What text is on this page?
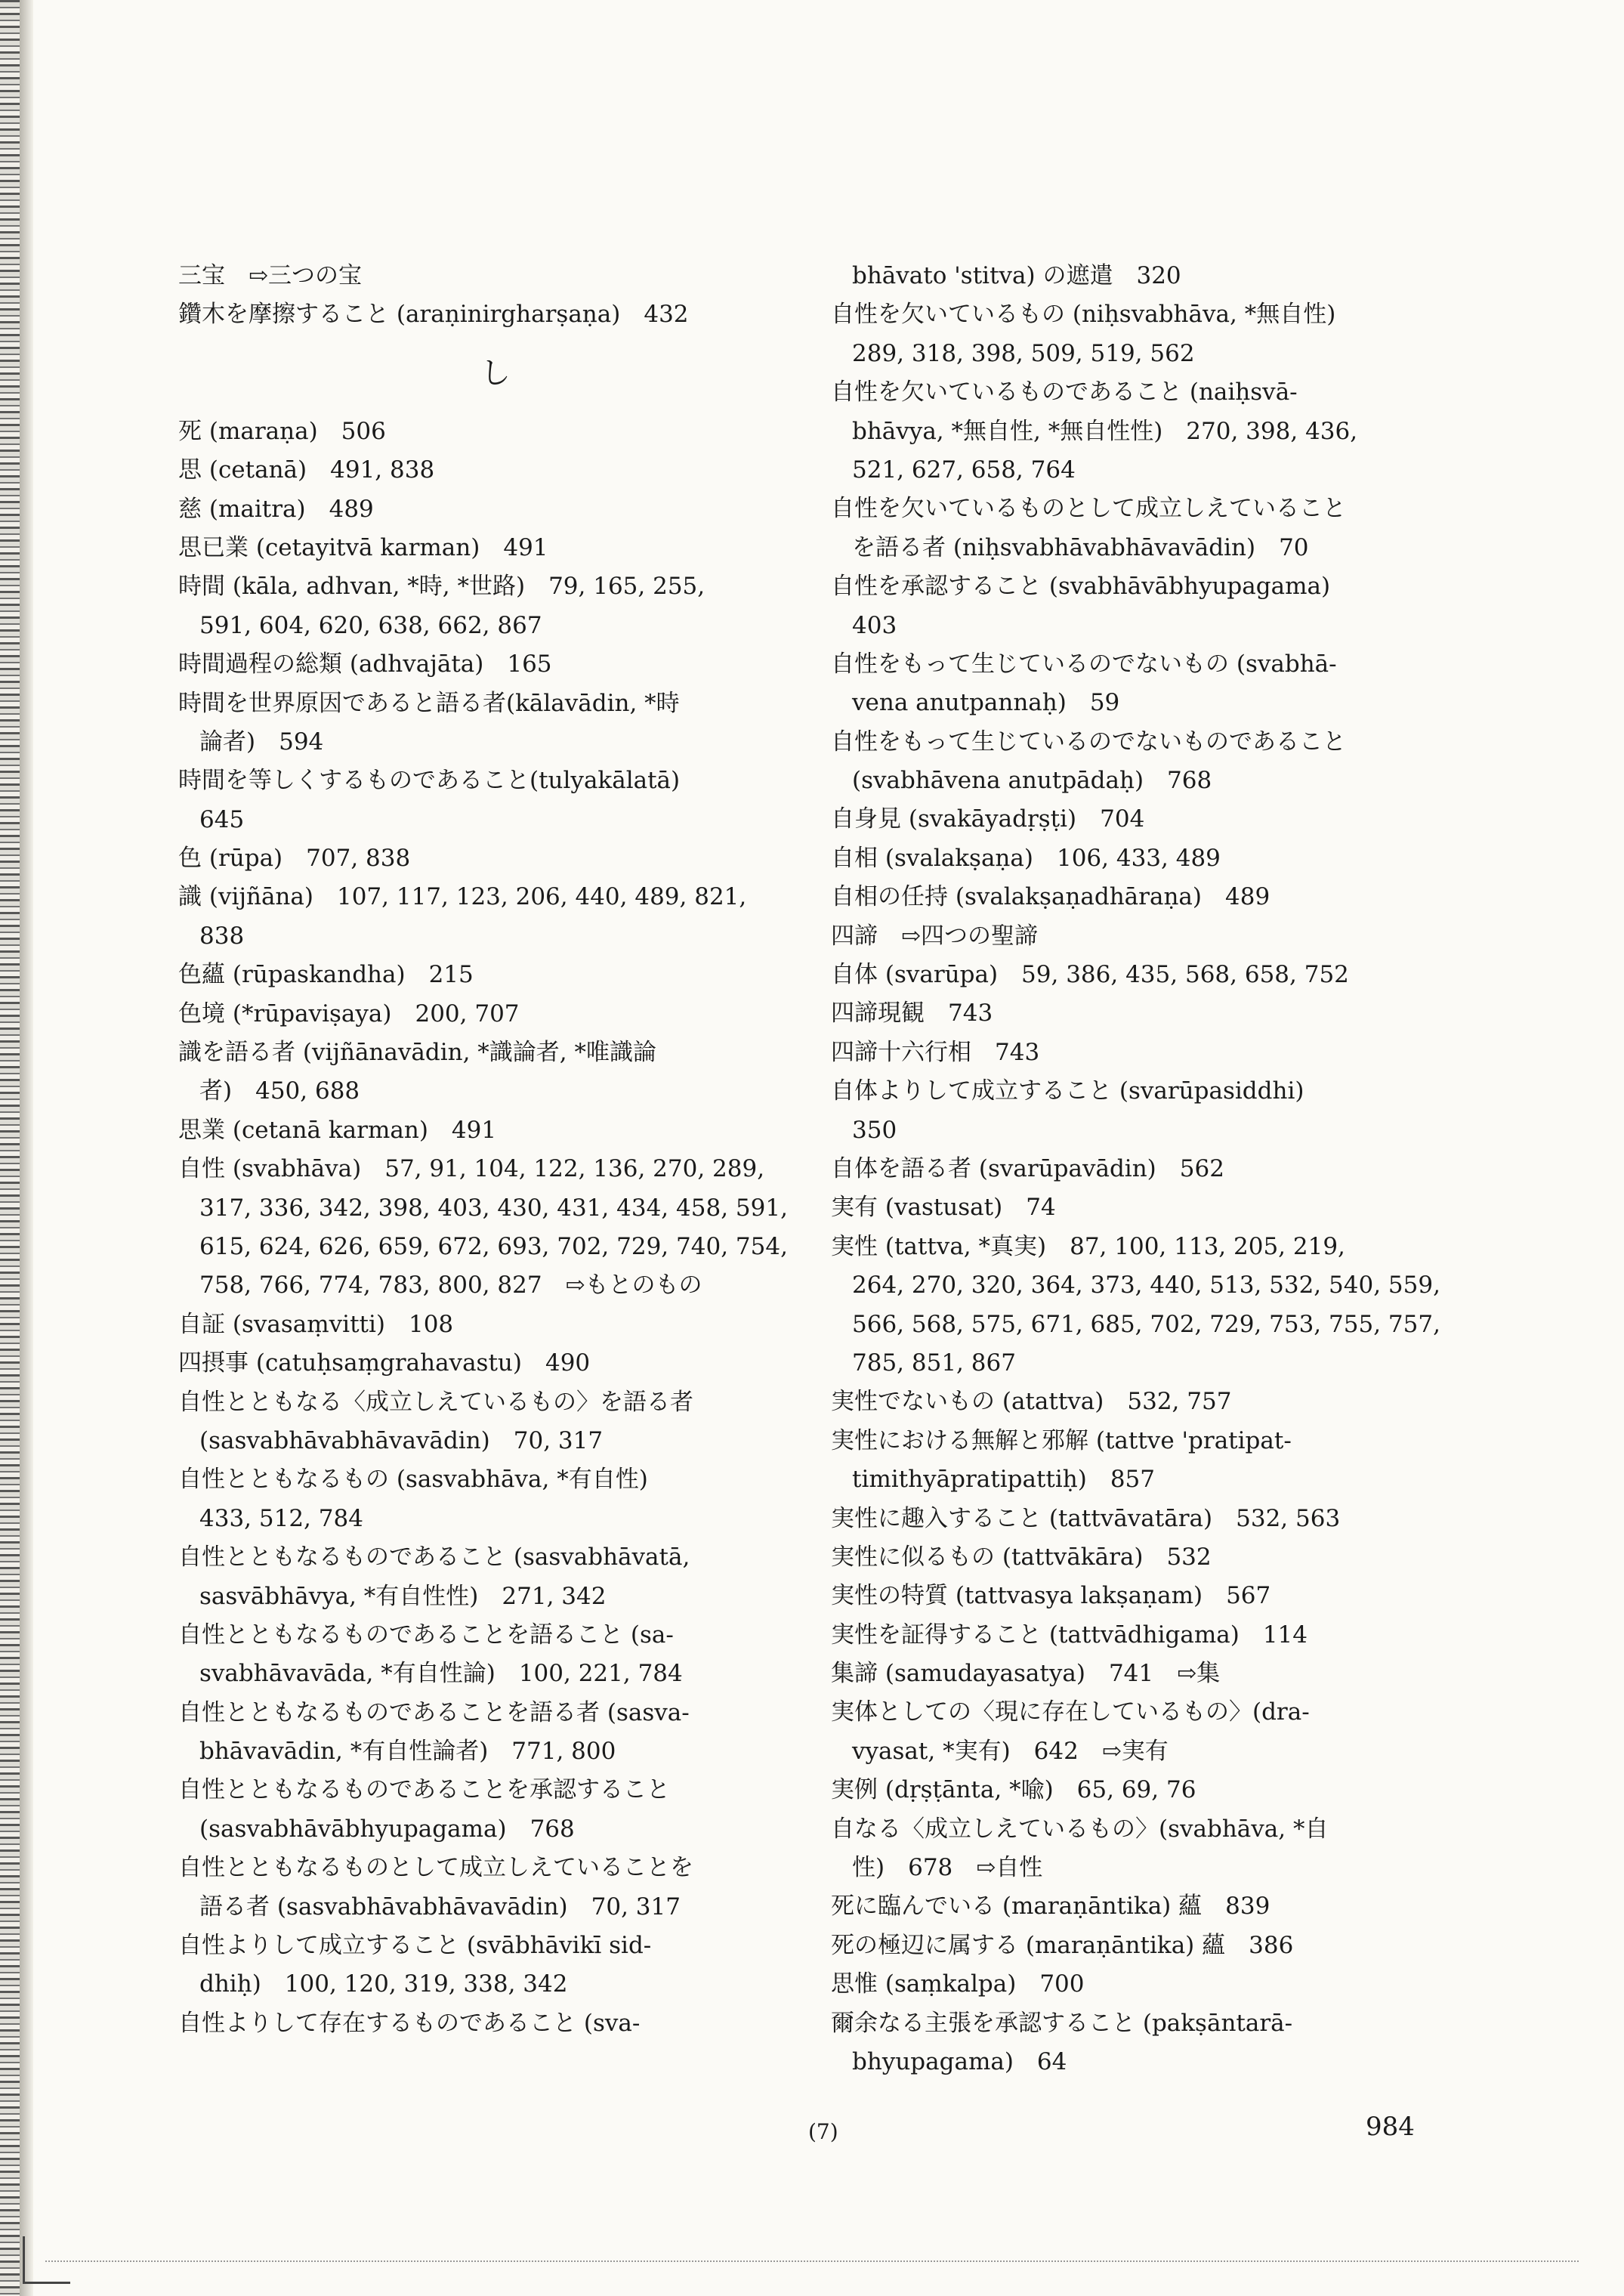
三宝　⇨三つの宝
鑽木を摩擦すること (araṇinirgharṣaṇa)　432
し
死 (maraṇa)　506
思 (cetanā)　491, 838
慈 (maitra)　489
思已業 (cetayitvā karman)　491
時間 (kāla, adhvan, *時, *世路)　79, 165, 255,
591, 604, 620, 638, 662, 867
時間過程の総類 (adhvajāta)　165
時間を世界原因であると語る者(kālavādin, *時
論者)　594
時間を等しくするものであること(tulyakālatā)
645
色 (rūpa)　707, 838
識 (vijñāna)　107, 117, 123, 206, 440, 489, 821,
838
色蘊 (rūpaskandha)　215
色境 (*rūpaviṣaya)　200, 707
識を語る者 (vijñānavādin, *識論者, *唯識論
者)　450, 688
思業 (cetanā karman)　491
自性 (svabhāva)　57, 91, 104, 122, 136, 270, 289,
317, 336, 342, 398, 403, 430, 431, 434, 458, 591,
615, 624, 626, 659, 672, 693, 702, 729, 740, 754,
758, 766, 774, 783, 800, 827　⇨もとのもの
自証 (svasaṃvitti)　108
四摂事 (catuḥsaṃgrahavastu)　490
自性とともなる〈成立しえているもの〉を語る者
(sasvabhāvabhāvavādin)　70, 317
自性とともなるもの (sasvabhāva, *有自性)
433, 512, 784
自性とともなるものであること (sasvabhāvatā,
sasvābhāvya, *有自性性)　271, 342
自性とともなるものであることを語ること (sa-
svabhāvavāda, *有自性論)　100, 221, 784
自性とともなるものであることを語る者 (sasva-
bhāvavādin, *有自性論者)　771, 800
自性とともなるものであることを承認すること
(sasvabhāvābhyupagama)　768
自性とともなるものとして成立しえていることを
語る者 (sasvabhāvabhāvavādin)　70, 317
自性よりして成立すること (svābhāvikī sid-
dhiḥ)　100, 120, 319, 338, 342
自性よりして存在するものであること (sva-
bhāvato 'stitva) の遮遣　320
自性を欠いているもの (niḥsvabhāva, *無自性)
289, 318, 398, 509, 519, 562
自性を欠いているものであること (naiḥsvā-
bhāvya, *無自性, *無自性性)　270, 398, 436,
521, 627, 658, 764
自性を欠いているものとして成立しえていること
を語る者 (niḥsvabhāvabhāvavādin)　70
自性を承認すること (svabhāvābhyupagama)
403
自性をもって生じているのでないもの (svabhā-
vena anutpannaḥ)　59
自性をもって生じているのでないものであること
(svabhāvena anutpādaḥ)　768
自身見 (svakāyadṛṣṭi)　704
自相 (svalakṣaṇa)　106, 433, 489
自相の任持 (svalakṣaṇadhāraṇa)　489
四諦　⇨四つの聖諦
自体 (svarūpa)　59, 386, 435, 568, 658, 752
四諦現観　743
四諦十六行相　743
自体よりして成立すること (svarūpasiddhi)
350
自体を語る者 (svarūpavādin)　562
実有 (vastusat)　74
実性 (tattva, *真実)　87, 100, 113, 205, 219,
264, 270, 320, 364, 373, 440, 513, 532, 540, 559,
566, 568, 575, 671, 685, 702, 729, 753, 755, 757,
785, 851, 867
実性でないもの (atattva)　532, 757
実性における無解と邪解 (tattve 'pratipat-
timithyāpratipattiḥ)　857
実性に趣入すること (tattvāvatāra)　532, 563
実性に似るもの (tattvākāra)　532
実性の特質 (tattvasya lakṣaṇam)　567
実性を証得すること (tattvādhigama)　114
集諦 (samudayasatya)　741　⇨集
実体としての〈現に存在しているもの〉(dra-
vyasat, *実有)　642　⇨実有
実例 (dṛṣṭānta, *喩)　65, 69, 76
自なる〈成立しえているもの〉(svabhāva, *自
性)　678　⇨自性
死に臨んでいる (maraṇāntika) 蘊　839
死の極辺に属する (maraṇāntika) 蘊　386
思惟 (saṃkalpa)　700
爾余なる主張を承認すること (pakṣāntarā-
bhyupagama)　64
(7)	984
